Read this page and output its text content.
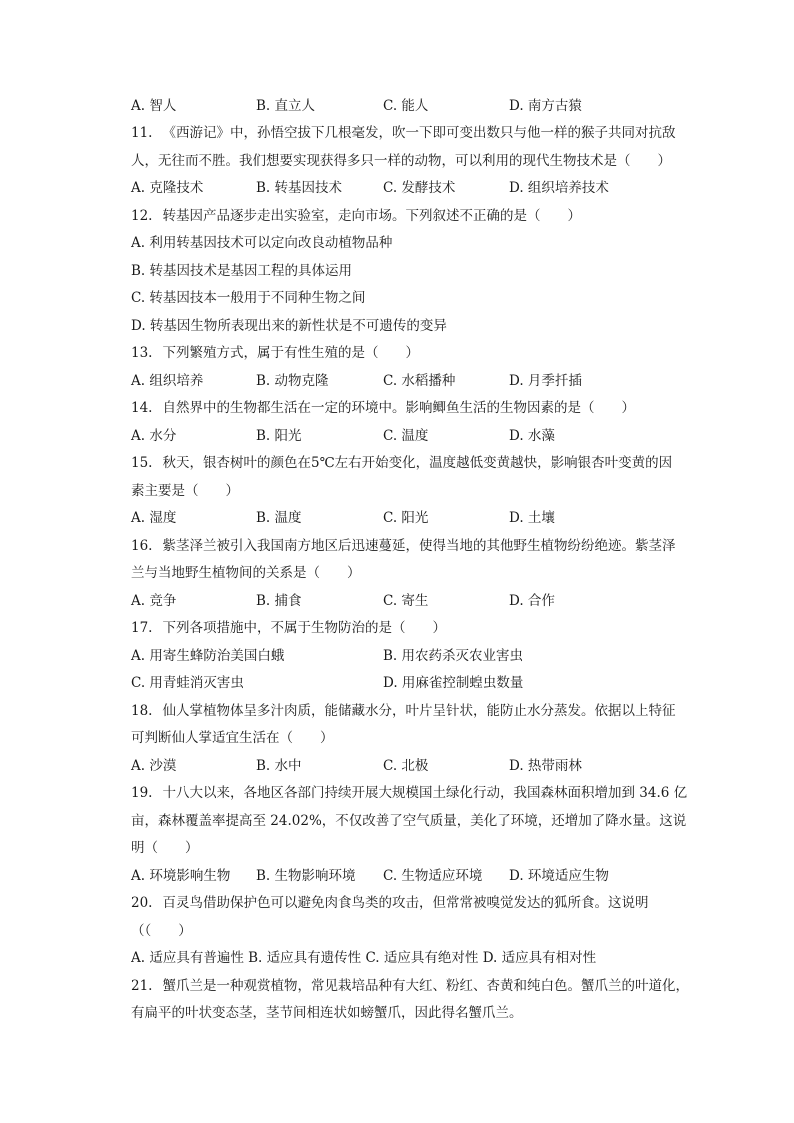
A. 智人	B. 直立人	C. 能人	D. 南方古猿
11. 《西游记》中，孙悟空拔下几根毫发，吹一下即可变出数只与他一样的猴子共同对抗敌
人，无往而不胜。我们想要实现获得多只一样的动物，可以利用的现代生物技术是（　　）
A. 克隆技术	B. 转基因技术	C. 发酵技术	D. 组织培养技术
12. 转基因产品逐步走出实验室，走向市场。下列叙述不正确的是（　　）
A. 利用转基因技术可以定向改良动植物品种
B. 转基因技术是基因工程的具体运用
C. 转基因技本一般用于不同种生物之间
D. 转基因生物所表现出来的新性状是不可遗传的变异
13. 下列繁殖方式，属于有性生殖的是（　　）
A. 组织培养	B. 动物克隆	C. 水稻播种	D. 月季扦插
14. 自然界中的生物都生活在一定的环境中。影响鲫鱼生活的生物因素的是（　　）
A. 水分	B. 阳光	C. 温度	D. 水藻
15. 秋天，银杏树叶的颜色在5℃左右开始变化，温度越低变黄越快，影响银杏叶变黄的因
素主要是（　　）
A. 湿度	B. 温度	C. 阳光	D. 土壤
16. 紫茎泽兰被引入我国南方地区后迅速蔓延，使得当地的其他野生植物纷纷绝迹。紫茎泽
兰与当地野生植物间的关系是（　　）
A. 竞争	B. 捕食	C. 寄生	D. 合作
17. 下列各项措施中，不属于生物防治的是（　　）
A. 用寄生蜂防治美国白蛾	B. 用农药杀灭农业害虫
C. 用青蛙消灭害虫	D. 用麻雀控制蝗虫数量
18. 仙人掌植物体呈多汁肉质，能储藏水分，叶片呈针状，能防止水分蒸发。依据以上特征
可判断仙人掌适宜生活在（　　）
A. 沙漠	B. 水中	C. 北极	D. 热带雨林
19. 十八大以来，各地区各部门持续开展大规模国土绿化行动，我国森林面积增加到 34.6 亿
亩，森林覆盖率提高至 24.02%，不仅改善了空气质量，美化了环境，还增加了降水量。这说
明（　　）
A. 环境影响生物 B. 生物影响环境 C. 生物适应环境 D. 环境适应生物
20. 百灵鸟借助保护色可以避免肉食鸟类的攻击，但常常被嗅觉发达的狐所食。这说明
（（　　）
A. 适应具有普遍性 B. 适应具有遗传性 C. 适应具有绝对性 D. 适应具有相对性
21. 蟹爪兰是一种观赏植物，常见栽培品种有大红、粉红、杏黄和纯白色。蟹爪兰的叶道化，
有扁平的叶状变态茎，茎节间相连状如螃蟹爪，因此得名蟹爪兰。
